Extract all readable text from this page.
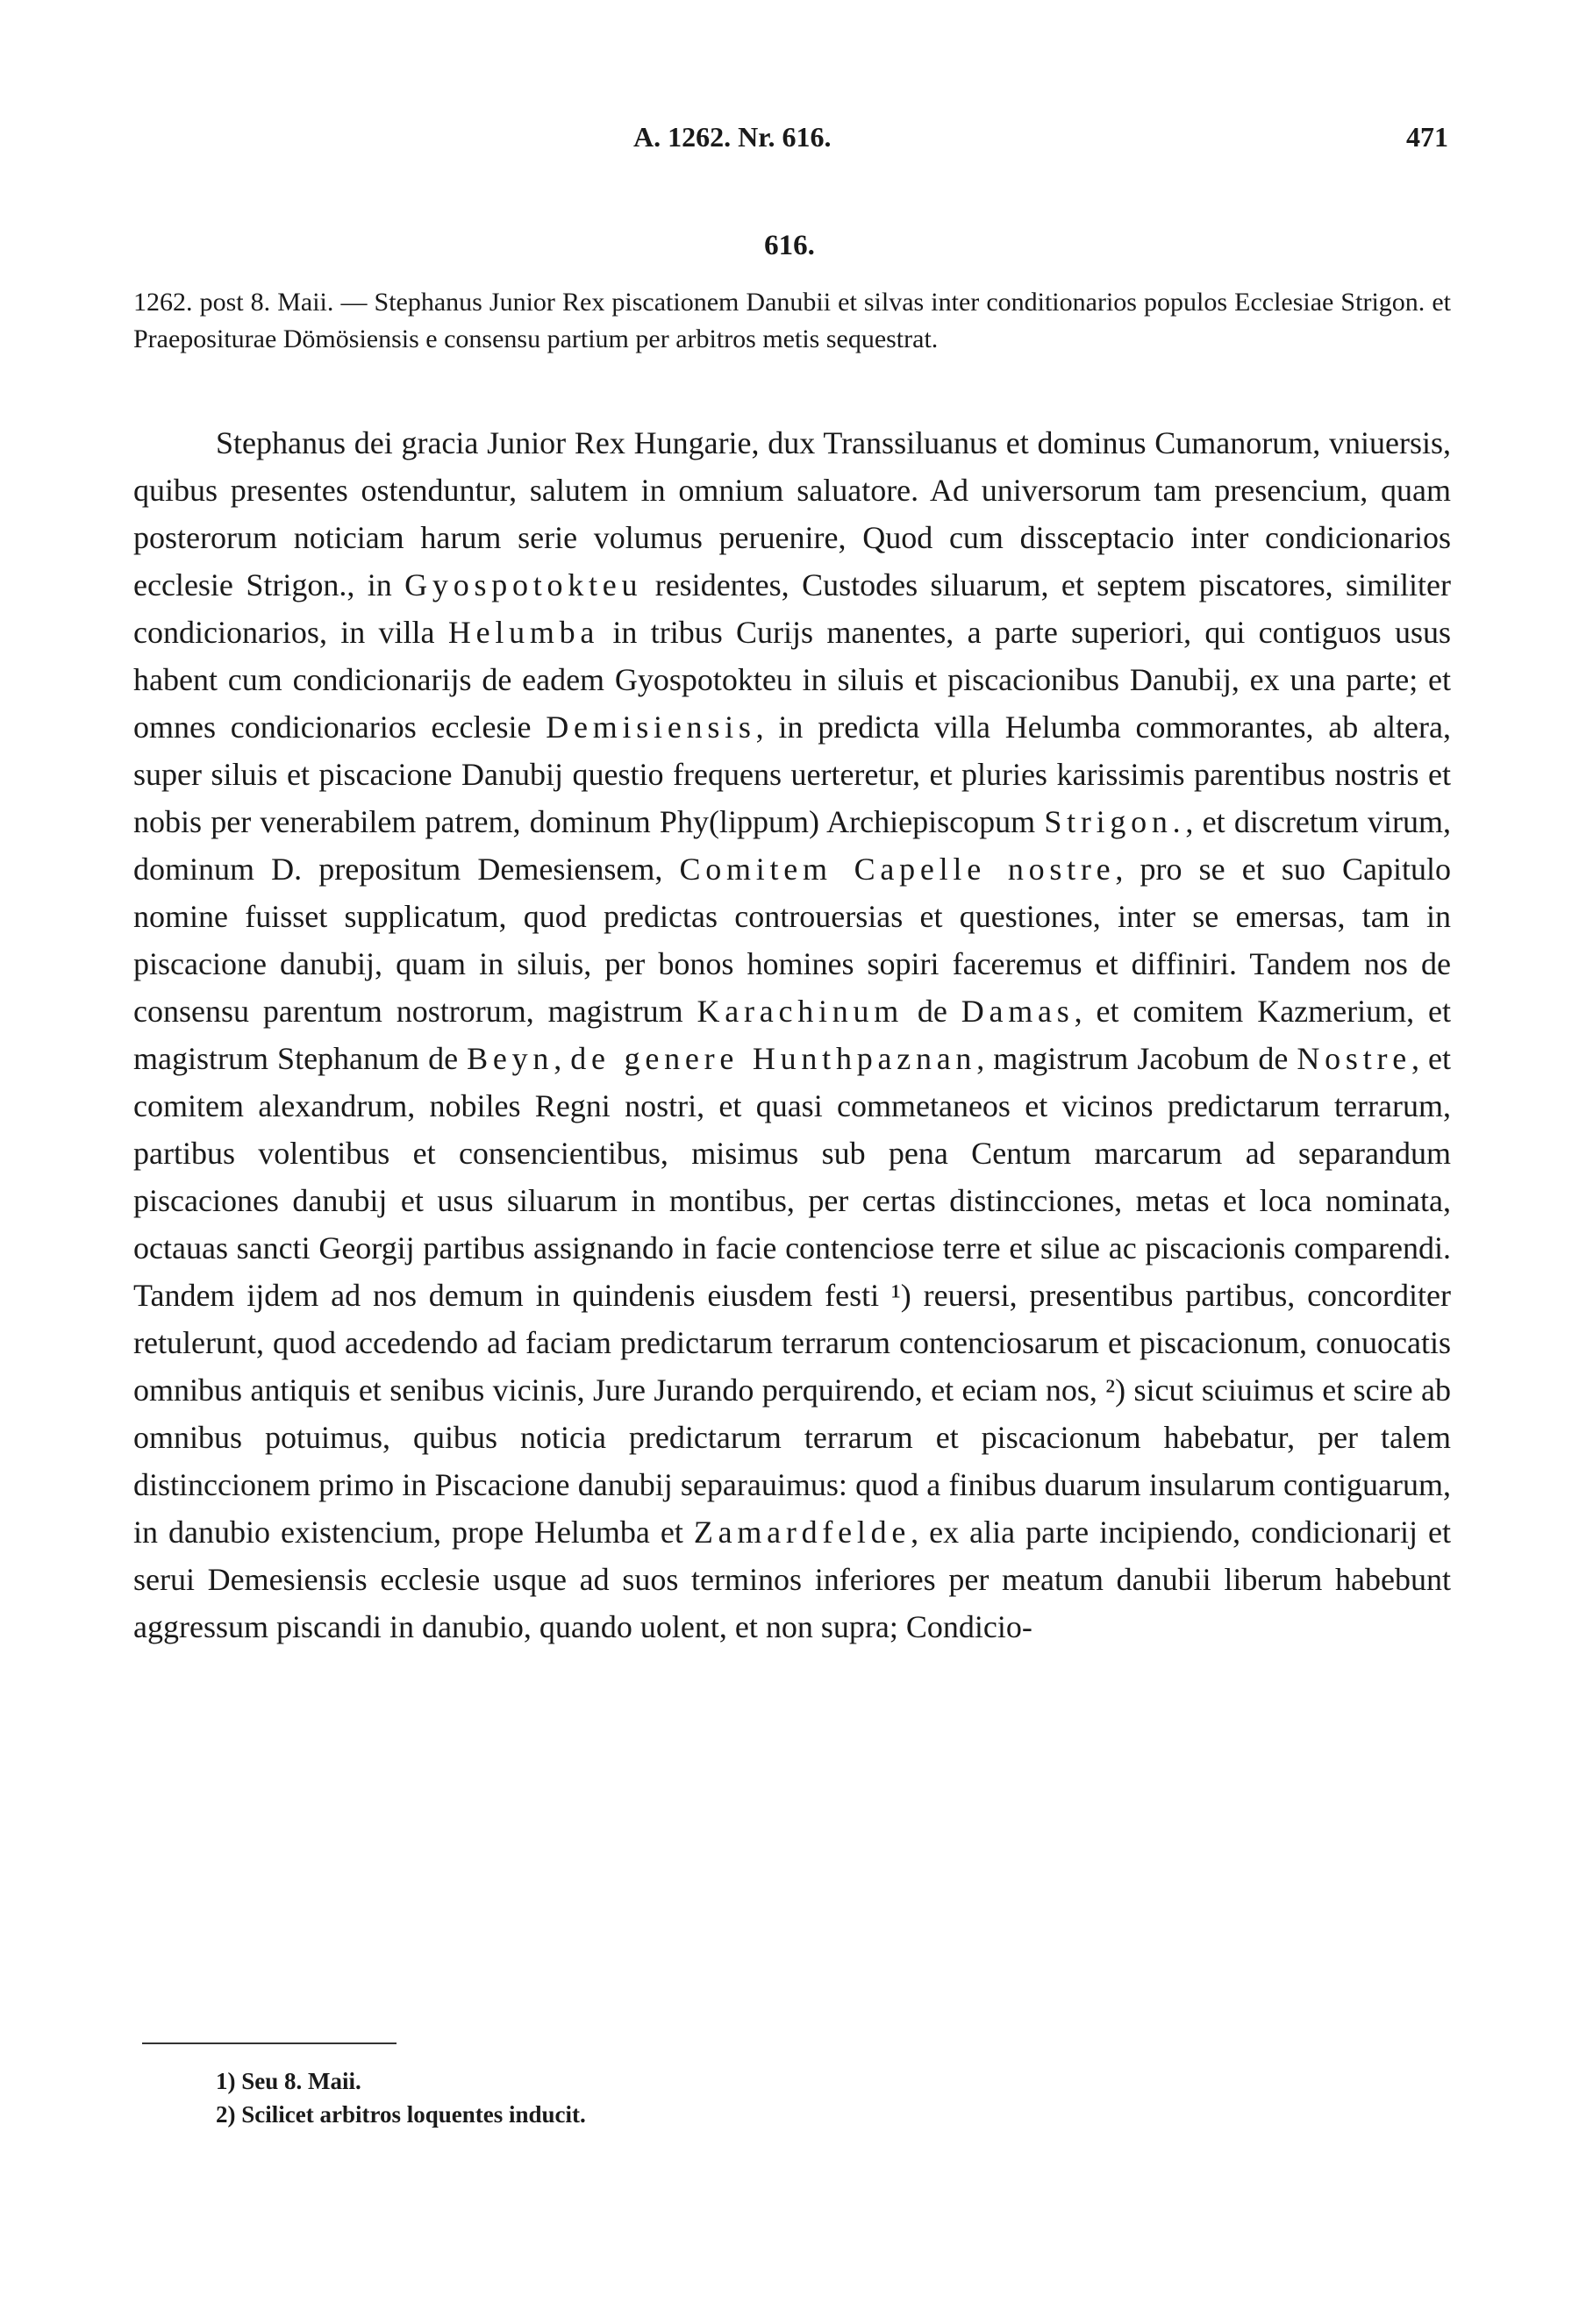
A. 1262. Nr. 616.	471
616.
1262. post 8. Maii. — Stephanus Junior Rex piscationem Danubii et silvas inter conditionarios populos Ecclesiae Strigon. et Praepositurae Dömösiensis e consensu partium per arbitros metis sequestrat.
Stephanus dei gracia Junior Rex Hungarie, dux Transsiluanus et dominus Cumanorum, vniuersis, quibus presentes ostenduntur, salutem in omnium saluatore. Ad universorum tam presencium, quam posterorum noticiam harum serie volumus peruenire, Quod cum dissceptacio inter condicionarios ecclesie Strigon., in Gyospotokteu residentes, Custodes siluarum, et septem piscatores, similiter condicionarios, in villa Helumba in tribus Curijs manentes, a parte superiori, qui contiguos usus habent cum condicionarijs de eadem Gyospotokteu in siluis et piscacionibus Danubij, ex una parte; et omnes condicionarios ecclesie Demisiensis, in predicta villa Helumba commorantes, ab altera, super siluis et piscacione Danubij questio frequens uerteretur, et pluries karissimis parentibus nostris et nobis per venerabilem patrem, dominum Phy(lippum) Archiepiscopum Strigon., et discretum virum, dominum D. prepositum Demesiensem, Comitem Capelle nostre, pro se et suo Capitulo nomine fuisset supplicatum, quod predictas controuersias et questiones, inter se emersas, tam in piscacione danubij, quam in siluis, per bonos homines sopiri faceremus et diffiniri. Tandem nos de consensu parentum nostrorum, magistrum Karachinum de Damas, et comitem Kazmerium, et magistrum Stephanum de Beyn, de genere Hunthpaznan, magistrum Jacobum de Nostre, et comitem alexandrum, nobiles Regni nostri, et quasi commetaneos et vicinos predictarum terrarum, partibus volentibus et consencientibus, misimus sub pena Centum marcarum ad separandum piscaciones danubij et usus siluarum in montibus, per certas distincciones, metas et loca nominata, octauas sancti Georgij partibus assignando in facie contenciose terre et silue ac piscacionis comparendi. Tandem ijdem ad nos demum in quindenis eiusdem festi ¹) reuersi, presentibus partibus, concorditer retulerunt, quod accedendo ad faciam predictarum terrarum contenciosarum et piscacionum, conuocatis omnibus antiquis et senibus vicinis, Jure Jurando perquirendo, et eciam nos, ²) sicut sciuimus et scire ab omnibus potuimus, quibus noticia predictarum terrarum et piscacionum habebatur, per talem distinccionem primo in Piscacione danubij separauimus: quod a finibus duarum insularum contiguarum, in danubio existencium, prope Helumba et Zamardfelde, ex alia parte incipiendo, condicionarij et serui Demesiensis ecclesie usque ad suos terminos inferiores per meatum danubii liberum habebunt aggressum piscandi in danubio, quando uolent, et non supra; Condicio-
1) Seu 8. Maii.
2) Scilicet arbitros loquentes inducit.
